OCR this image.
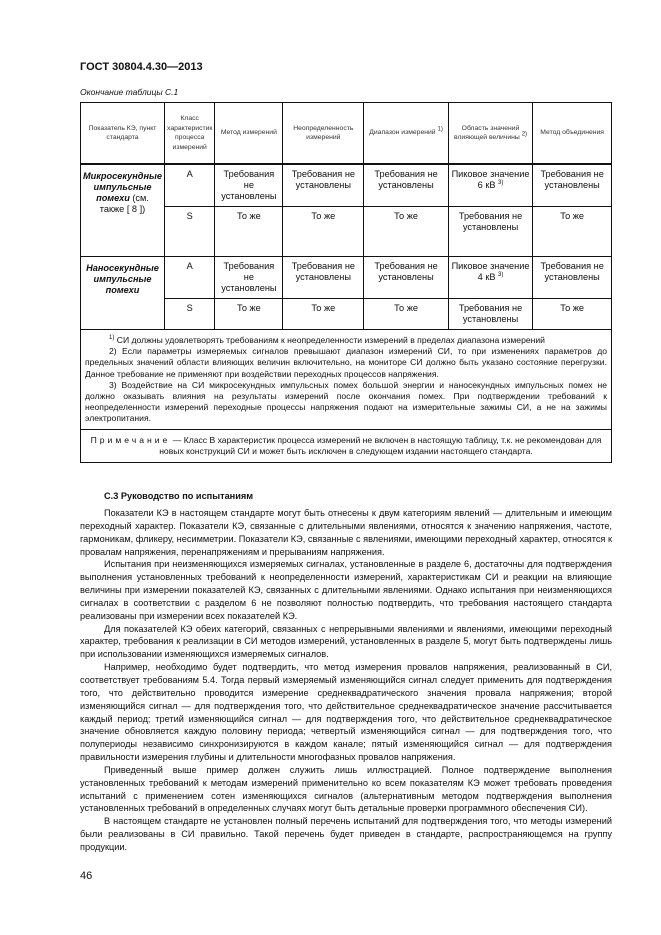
ГОСТ 30804.4.30—2013
Окончание таблицы С.1
Показатель КЭ, пункт стандарта	Класс характеристик процесса измерений	Метод измерений	Неопределенность измерений	Диапазон измерений $^{1)}$	Область значений влияющей величины $^{2)}$	Метод объединения
Микросекундные импульсные помехи (см. также [ 8 ])	A	Требования не установлены	Требования не установлены	Требования не установлены	Пиковое значение 6 кВ $^{3)}$	Требования не установлены
	S	То же	То же	То же	Требования не установлены	То же
Наносекундные импульсные помехи	A	Требования не установлены	Требования не установлены	Требования не установлены	Пиковое значение 4 кВ $^{3)}$	Требования не установлены
	S	То же	То же	То же	Требования не установлены	То же

$^{1)}$ СИ должны удовлетворять требованиям к неопределенности измерений в пределах диапазона измерений

2) Если параметры измеряемых сигналов превышают диапазон измерений СИ, то при изменениях параметров до предельных значений области влияющих величин включительно, на мониторе СИ должно быть указано состояние перегрузки. Данное требование не применяют при воздействии переходных процессов напряжения.

3) Воздействие на СИ микросекундных импульсных помех большой энергии и наносекундных импульсных помех не должно оказывать влияния на результаты измерений после окончания помех. При подтверждении требований к неопределенности измерений переходные процессы напряжения подают на измерительные зажимы СИ, а не на зажимы электропитания.						

Примечание — Класс В характеристик процесса измерений не включен в настоящую таблицу, т.к. не рекомендован для новых конструкций СИ и может быть исключен в следующем издании настоящего стандарта.						
С.3 Руководство по испытаниям

Показатели КЭ в настоящем стандарте могут быть отнесены к двум категориям явлений — длительным и имеющим переходный характер. Показатели КЭ, связанные с длительными явлениями, относятся к значению напряжения, частоте, гармоникам, фликеру, несимметрии. Показатели КЭ, связанные с явлениями, имеющими переходный характер, относятся к провалам напряжения, перенапряжениям и прерываниям напряжения.

Испытания при неизменяющихся измеряемых сигналах, установленные в разделе 6, достаточны для подтверждения выполнения установленных требований к неопределенности измерений, характеристикам СИ и реакции на влияющие величины при измерении показателей КЭ, связанных с длительными явлениями. Однако испытания при неизменяющихся сигналах в соответствии с разделом 6 не позволяют полностью подтвердить, что требования настоящего стандарта реализованы при измерении всех показателей КЭ.

Для показателей КЭ обеих категорий, связанных с непрерывными явлениями и явлениями, имеющими переходный характер, требования к реализации в СИ методов измерений, установленных в разделе 5, могут быть подтверждены лишь при использовании изменяющихся измеряемых сигналов.

Например, необходимо будет подтвердить, что метод измерения провалов напряжения, реализованный в СИ, соответствует требованиям 5.4. Тогда первый измеряемый изменяющийся сигнал следует применить для подтверждения того, что действительно проводится измерение среднеквадратического значения провала напряжения; второй изменяющийся сигнал — для подтверждения того, что действительное среднеквадратическое значение рассчитывается каждый период; третий изменяющийся сигнал — для подтверждения того, что действительное среднеквадратическое значение обновляется каждую половину периода; четвертый изменяющийся сигнал — для подтверждения того, что полупериоды независимо синхронизируются в каждом канале; пятый изменяющийся сигнал — для подтверждения правильности измерения глубины и длительности многофазных провалов напряжения.

Приведенный выше пример должен служить лишь иллюстрацией. Полное подтверждение выполнения установленных требований к методам измерений применительно ко всем показателям КЭ может требовать проведения испытаний с применением сотен изменяющихся сигналов (альтернативным методом подтверждения выполнения установленных требований в определенных случаях могут быть детальные проверки программного обеспечения СИ).

В настоящем стандарте не установлен полный перечень испытаний для подтверждения того, что методы измерений были реализованы в СИ правильно. Такой перечень будет приведен в стандарте, распространяющемся на группу продукции.

46
